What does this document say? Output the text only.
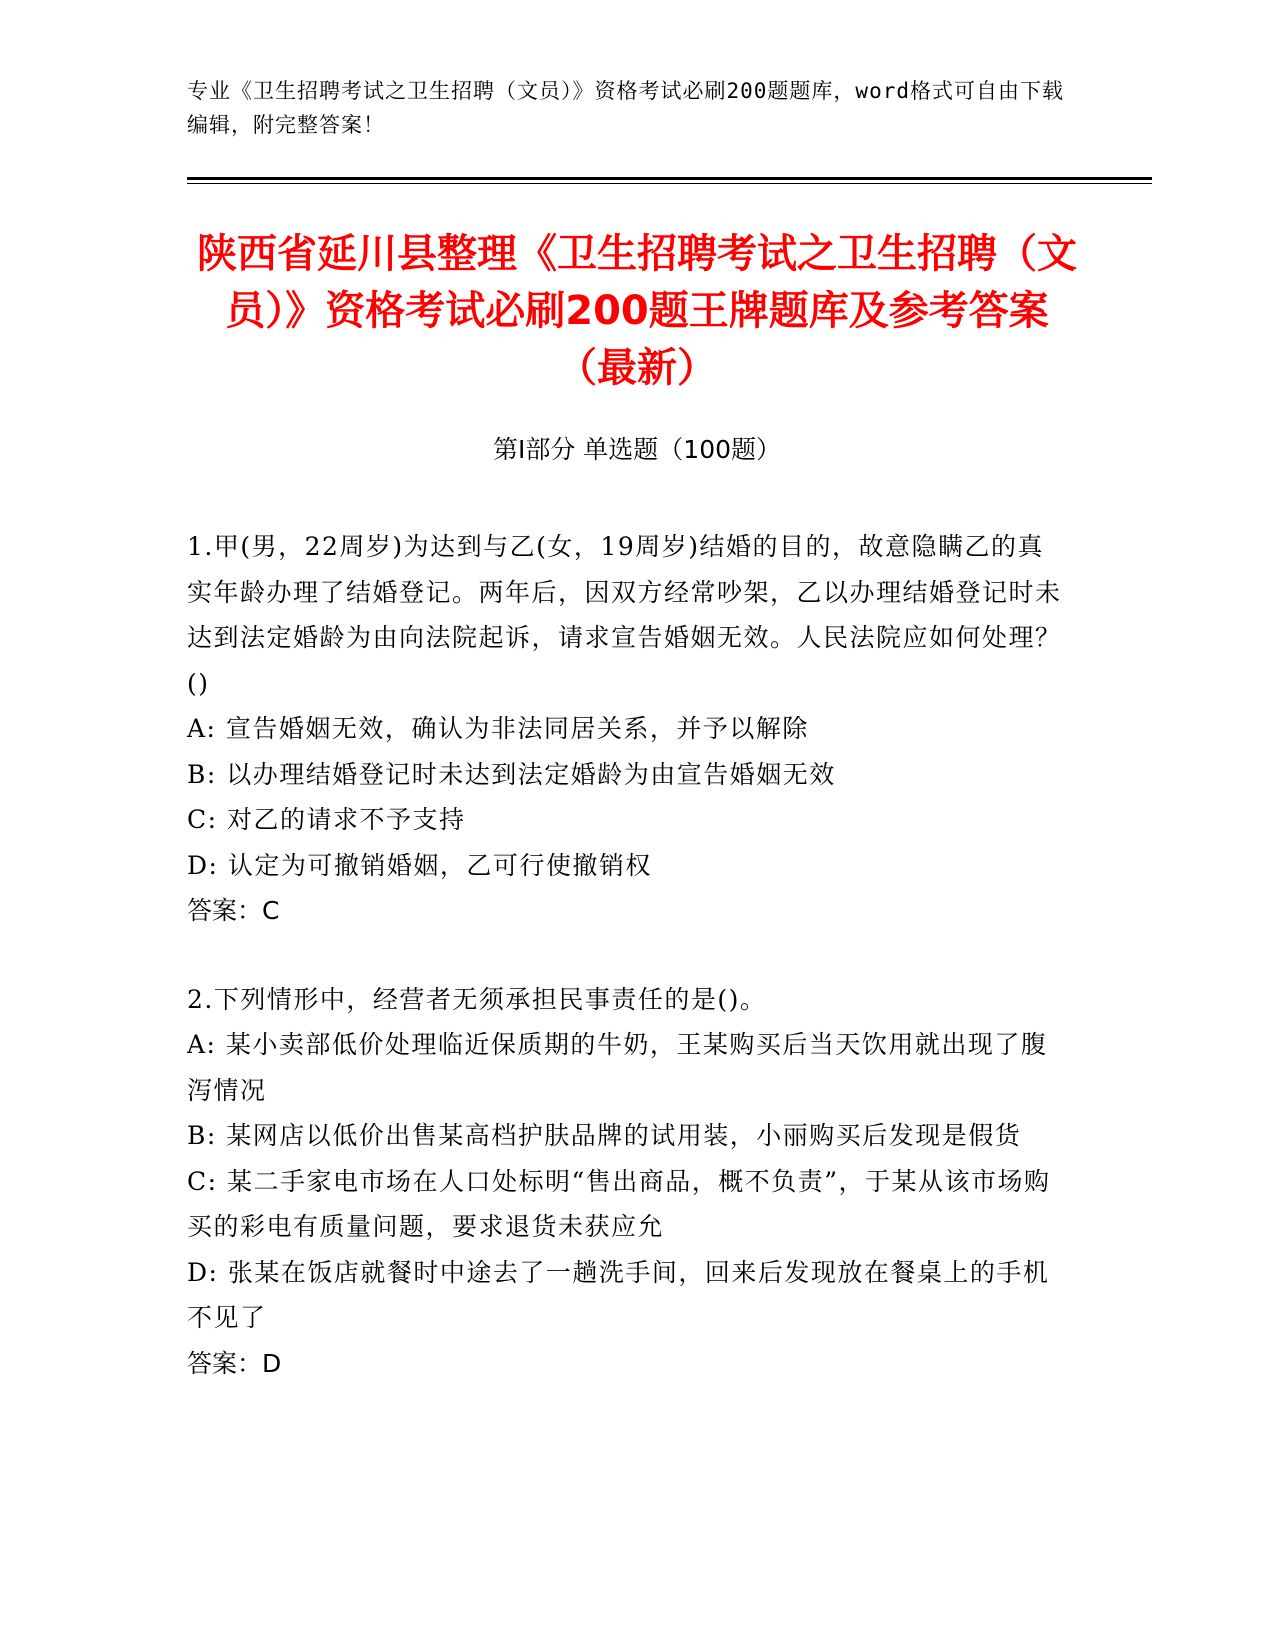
专业《卫生招聘考试之卫生招聘（文员）》资格考试必刷200题题库，word格式可自由下载编辑，附完整答案！
陕西省延川县整理《卫生招聘考试之卫生招聘（文员）》资格考试必刷200题王牌题库及参考答案（最新）
第I部分 单选题（100题）

1.甲(男，22周岁)为达到与乙(女，19周岁)结婚的目的，故意隐瞒乙的真实年龄办理了结婚登记。两年后，因双方经常吵架，乙以办理结婚登记时未达到法定婚龄为由向法院起诉，请求宣告婚姻无效。人民法院应如何处理？()

A: 宣告婚姻无效，确认为非法同居关系，并予以解除

B: 以办理结婚登记时未达到法定婚龄为由宣告婚姻无效

C: 对乙的请求不予支持

D: 认定为可撤销婚姻，乙可行使撤销权

答案：C

2.下列情形中，经营者无须承担民事责任的是()。

A: 某小卖部低价处理临近保质期的牛奶，王某购买后当天饮用就出现了腹泻情况

B: 某网店以低价出售某高档护肤品牌的试用装，小丽购买后发现是假货

C: 某二手家电市场在人口处标明“售出商品，概不负责”，于某从该市场购买的彩电有质量问题，要求退货未获应允

D: 张某在饭店就餐时中途去了一趟洗手间，回来后发现放在餐桌上的手机不见了

答案：D
